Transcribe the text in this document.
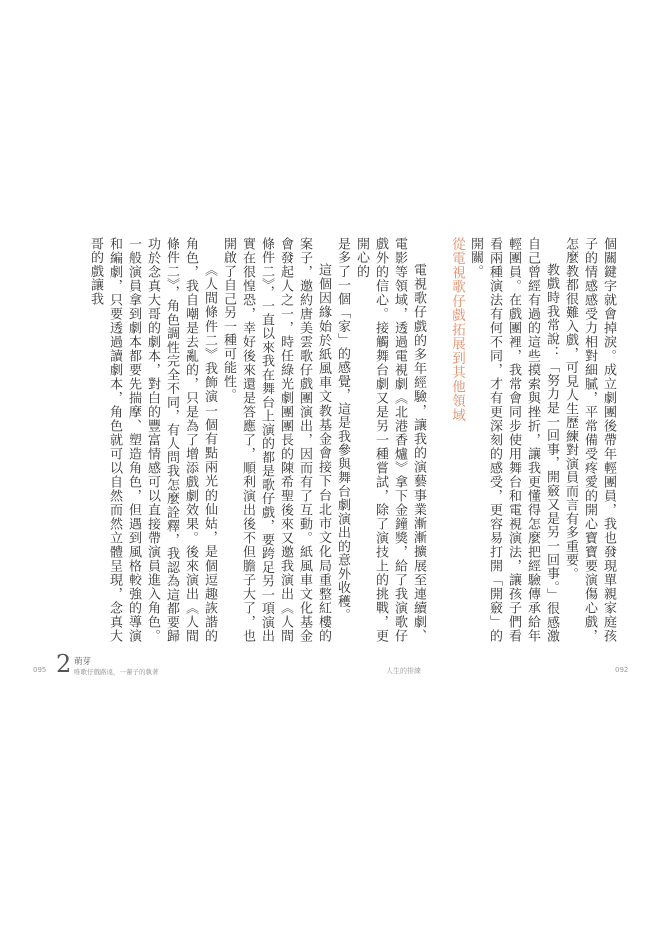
個關鍵字就會掉淚。成立劇團後帶年輕團員，我也發現單親家庭孩子的情感感受力相對細膩，平常備受疼愛的開心寶寶要演傷心戲，怎麼教都很難入戲，可見人生歷練對演員而言有多重要。

教戲時我常說：「努力是一回事，開竅又是另一回事。」很感激自己曾經有過的這些摸索與挫折，讓我更懂得怎麼把經驗傳承給年輕團員。在戲團裡，我常會同步使用舞台和電視演法，讓孩子們看看兩種演法有何不同，才有更深刻的感受，更容易打開「開竅」的開關。

從電視歌仔戲拓展到其他領域

電視歌仔戲的多年經驗，讓我的演藝事業漸漸擴展至連續劇、電影等領域，透過電視劇《北港香爐》拿下金鐘獎，給了我演歌仔戲外的信心。接觸舞台劇又是另一種嘗試，除了演技上的挑戰，更開心的

是多了一個「家」的感覺，這是我參與舞台劇演出的意外收穫。

這個因緣始於紙風車文教基金會接下台北市文化局重整紅樓的案子，邀約唐美雲歌仔戲團演出，因而有了互動。紙風車文化基金會發起人之一，時任綠光劇團團長的陳希聖後來又邀我演出《人間條件二》，一直以來我在舞台上演的都是歌仔戲，要跨足另一項演出實在很惶恐，幸好後來還是答應了，順利演出後不但膽子大了，也開啟了自己另一種可能性。

《人間條件二》我飾演一個有點兩光的仙姑，是個逗趣詼諧的角色，我自嘲是去亂的，只是為了增添戲劇效果。後來演出《人間條件二》，角色調性完全不同，有人問我怎麼詮釋，我認為這都要歸功於念真大哥的劇本，對白的豐富情感可以直接帶演員進入角色。一般演員拿到劇本都要先揣摩、塑造角色，但遇到風格較強的導演和編劇，只要透過讀劇本，角色就可以自然而然立體呈現，念真大哥的戲讓我

095 2 萌芽
唯歌仔戲路遠，一輩子的執著	人生的排練	092
